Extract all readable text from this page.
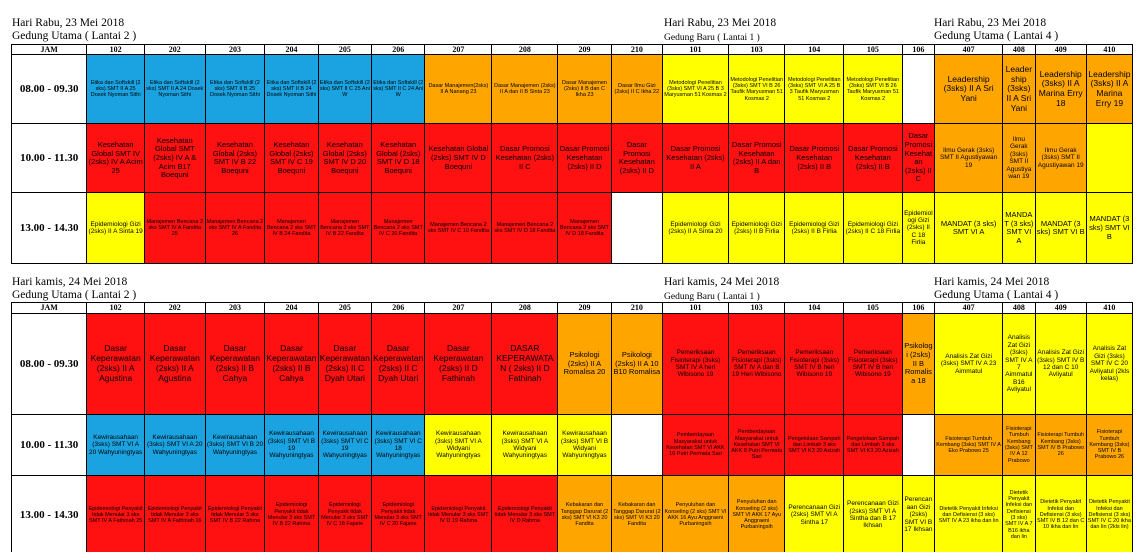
Hari Rabu, 23 Mei 2018
Gedung Utama ( Lantai 2 )
Hari Rabu, 23 Mei 2018
Gedung Baru ( Lantai 1 )
Hari Rabu, 23 Mei 2018
Gedung Utama ( Lantai 4 )
Hari kamis, 24 Mei 2018
Gedung Utama ( Lantai 2 )
Hari kamis, 24 Mei 2018
Gedung Baru ( Lantai 1 )
Hari kamis, 24 Mei 2018
Gedung Utama ( Lantai 4 )
JAM	102	202	203	204	205	206	207	208	209	210	101	103	104	105	106	407	408	409	410
08.00 - 09.30	Etika dan Softskill (2 sks) SMT II A 25 Dosek Nyoman Sithi	Etika dan Softskill (2 sks) SMT II A 24 Dosek Nyoman Sithi	Etika dan Softskill (2 sks) SMT II B 25 Dosek Nyoman Sithi	Etika dan Softskill (2 sks) SMT II B 24 Dosek Nyoman Sithi	Etika dan Softskill (2 sks) SMT II C 25 Ani W	Etika dan Softskill (2 sks) SMT II C 24 Ani W	Dasar Manajemen(2sks) II A Nanang 23	Dasar Manajemen (2sks) II A dan II B Sinta 23	Dasar Manajemen (2sks) II B dan C Ikha 23	Dasar Ilmu Gizi (2sks) II C Ikha 22	Metodologi Penelitian (3sks) SMT VI A 25 B 3 Maryusman 51 Kosmas 2	Metodologi Penelitian (3sks) SMT VI B 26 Taufik Maryusman 51 Kosmas 2	Metodologi Penelitian (3sks) SMT VI A 25 B 3 Taufik Maryusman 51 Kosmas 2	Metodologi Penelitian (3sks) SMT VI B 26 Taufik Maryusman 51 Kosmas 2		Leadership (3sks) II A Sri Yani	Leadership (3sks) II A Sri Yani	Leadership (3sks) II A Marina Erry 18	Leadership (3sks) II A Marina Erry 19
10.00 - 11.30	Kesehatan Global SMT IV (2sks) IV A Acim 25	Kesehatan Global SMT (2sks) IV A & Acim B17 Boequni	Kesehatan Global (2sks) SMT IV B 22 Boequni	Kesehatan Global (2sks) SMT IV C 19 Boequni	Kesehatan Global (2sks) SMT IV D 20 Boequni	Kesehatan Global (2sks) SMT IV D 18 Boequni	Kesehatan Global (2sks) SMT IV D Boequni	Dasar Promosi Kesehatan (2sks) II C	Dasar Promosi Kesehatan (2sks) II D	Dasar Promosi Kesehatan (2sks) II D	Dasar Promosi Kesehatan (2sks) II A	Dasar Promosi Kesehatan (2sks) II A dan B	Dasar Promosi Kesehatan (2sks) II B	Dasar Promosi Kesehatan (2sks) II B	Dasar Promosi Kesehatan (2sks) II C	Ilmu Gerak (3sks) SMT II Agustiyawan 19	Ilmu Gerak (3sks) SMT II Agustiyawan 19	Ilmu Gerak (3sks) SMT II Agustiyawan 19	
13.00 - 14.30	Epidemiologi Gizi (2sks) II A Sinta 19	Manajemen Bencana 2 sks SMT IV A Fandita 25	Manajemen Bencana 2 sks SMT IV A Fandita 26	Manajemen Bencana 2 sks SMT IV B 24 Fandita	Manajemen Bencana 2 sks SMT IV B 22 Fandita	Manajemen Bencana 2 sks SMT IV C 20 Fandita	Manajemen Bencana 2 sks SMT IV C 10 Fandita	Manajemen Bencana 2 sks SMT IV D 18 Fandita	Manajemen Bencana 2 sks SMT IV D 18 Fandita		Epidemiologi Gizi (2sks) II A Sinta 20	Epidemiologi Gizi (2sks) II B Firlia	Epidemiologi Gizi (2sks) II B Firlia	Epidemiologi Gizi (2sks) II C 18 Firlia	Epidemiologi Gizi (2sks) II C 18 Firlia	MANDAT (3 sks) SMT VI A	MANDAT (3 sks) SMT VI A	MANDAT (3 sks) SMT VI B	MANDAT (3 sks) SMT VI B
JAM	102	202	203	204	205	206	207	208	209	210	101	103	104	105	106	407	408	409	410
08.00 - 09.30	Dasar Keperawatan (2sks) II A Agustina	Dasar Keperawatan (2sks) II A Agustina	Dasar Keperawatan (2sks) II B Cahya	Dasar Keperawatan (2sks) II B Cahya	Dasar Keperawatan (2sks) II C Dyah Utari	Dasar Keperawatan (2sks) II C Dyah Utari	Dasar Keperawatan (2sks) II D Fathinah	DASAR KEPERAWATAN ( 2sks) II D Fathinah	Psikologi (2sks) II A Romalisa 20	Psikologi (2sks) II A 10 B10 Romalisa	Pemeriksaan Fisioterapi (3sks) SMT IV A heri Wibisono 19	Pemeriksaan Fisioterapi (3sks) SMT IV A dan B 19 Heri Wibisono	Pemeriksaan Fisioterapi (3sks) SMT IV B heri Wibisono 19	Pemeriksaan Fisioterapi (3sks) SMT IV B heri Wibisono 19	Psikologi (2sks) II B Romalisa 18	Analisis Zat Gizi (3sks) SMT IV A 23 Aimmatul	Analisis Zat Gizi (3sks) SMT IV A 7 Aimmatul B16 Avliyatul	Analisis Zat Gizi (3sks) SMT IV B 12 dan C 10 Avliyatul	Analisis Zat Gizi (3sks) SMT IV C 20 Avliyatul (2kls kelas)
10.00 - 11.30	Kewirausahaan (3sks) SMT VI A 20 Wahyuningtyas	Kewirausahaan (3sks) SMT VI A 20 Wahyuningtyas	Kewirausahaan (3sks) SMT VI B 20 Wahyuningtyas	Kewirausahaan (3sks) SMT VI B 19 Wahyuningtyas	Kewirausahaan (3sks) SMT VI C 19 Wahyuningtyas	Kewirausahaan (3sks) SMT VI C 18 Wahyuningtyas	Kewirausahaan (3sks) SMT VI A Widyani Wahyuningtyas	Kewirausahaan (3sks) SMT VI A Widyani Wahyuningtyas	Kewirausahaan (3sks) SMT VI B Widyani Wahyuningtyas		Pemberdayaan Masyarakat untuk Kesehatan SMT VI AKK 16 Putri Permata Sari	Pemberdayaan Masyarakat untuk Kesehatan SMT VI AKK 8 Putri Permata Sari	Pengelolaan Sampah dan Limbah 3 sks SMT VI K3 20 Azizah	Pengelolaan Sampah dan Limbah 3 sks SMT VI K3 20 Azizah		Fisioterapi Tumbuh Kembang (3sks) SMT IV A Eko Prabowo 25	Fisioterapi Tumbuh Kembang (3sks) SMT IV A 12 Prabowo	Fisioterapi Tumbuh Kembang (3sks) SMT IV B Prabowo 26	Fisioterapi Tumbuh Kembang (3sks) SMT IV B Prabowo 26
13.00 - 14.30	Epidemiologi Penyakit tidak Menular 3 sks SMT IV A Fathinah 25	Epidemiologi Penyakit tidak Menular 3 sks SMT IV A Fathinah 16	Epidemiologi Penyakit tidak Menular 3 sks SMT IV B 22 Rahma	Epidemiologi Penyakit tidak Menular 3 sks SMT IV B 22 Rahma	Epidemiologi Penyakit tidak Menular 3 sks SMT IV C 18 Fajarie	Epidemiologi Penyakit tidak Menular 3 sks SMT IV C 20 Fajarie	Epidemiologi Penyakit tidak Menular 3 sks SMT IV D 19 Rahma	Epidemiologi Penyakit tidak Menular 3 sks SMT IV D Rahma	Kebakaran dan Tanggap Darurat (2 sks) SMT VI K3 20 Fandita	Kebakaran dan Tanggap Darurat (2 sks) SMT VI K3 20 Fandita	Penyuluhan dan Konseling (2 sks) SMT VI AKK 16 Ayu Anggraeni Purbaningsih	Penyuluhan dan Konseling (2 sks) SMT VI AKK 17 Ayu Anggraeni Purbaningsih	Perencanaan Gizi (2sks) SMT VI A Sintha 17	Perencanaan Gizi (2sks) SMT VI A Sintha dan B 17 Ikhsan	Perencanaan Gizi (2sks) SMT VI B 17 Ikhsan	Dietetik Penyakit Infeksi dan Defisiensi (3 sks) SMT IV A 23 ikha dan lin	Dietetik Penyakit Infeksi dan Defisiensi (3 sks) SMT IV A 7 B16 ikha dan lin	Dietetik Penyakit Infeksi dan Defisiensi (3 sks) SMT IV B 12 dan C 10 ikha dan lin	Dietetik Penyakit Infeksi dan Defisiensi (3 sks) SMT IV C 20 ikha dan lin (2kls lin)
